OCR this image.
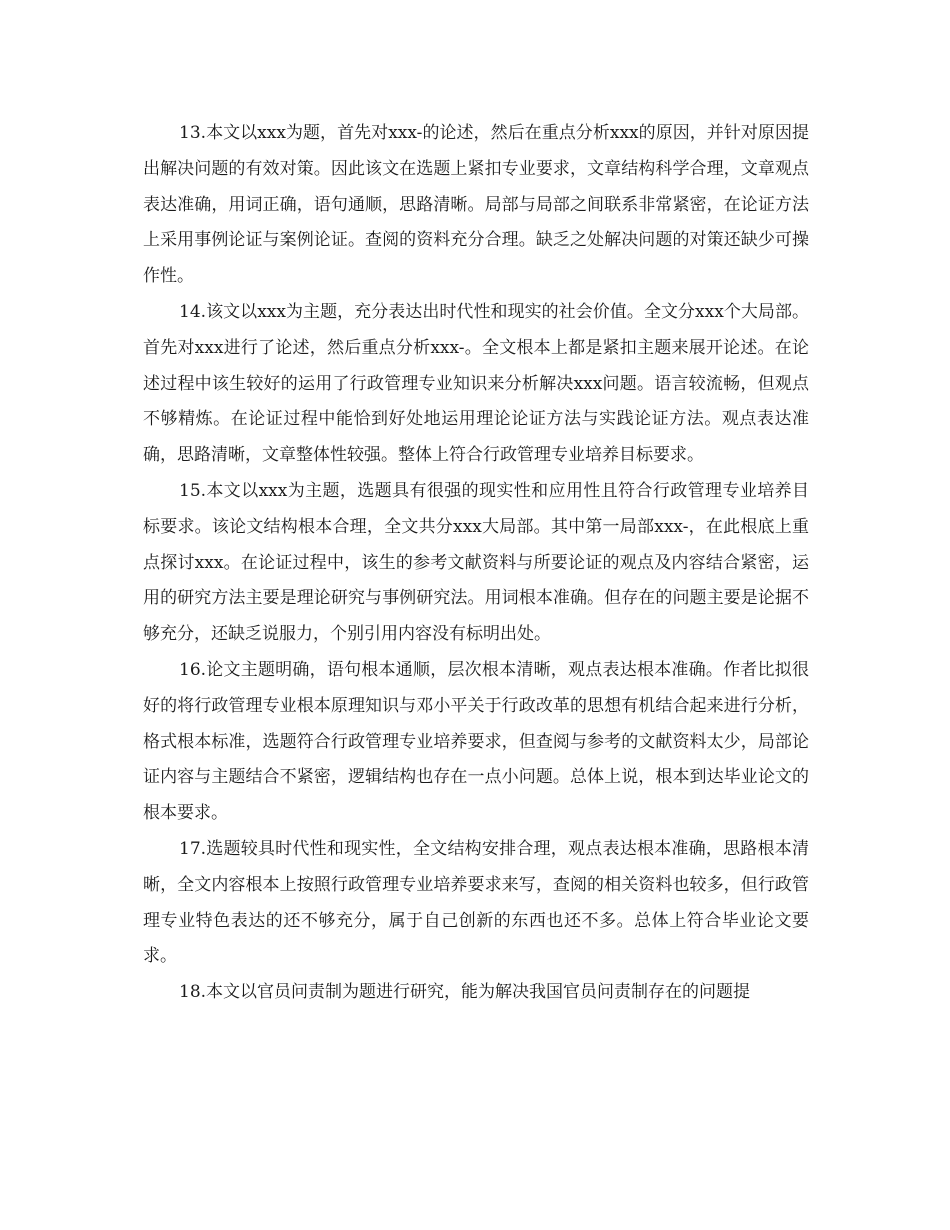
13.本文以xxx为题，首先对xxx-的论述，然后在重点分析xxx的原因，并针对原因提出解决问题的有效对策。因此该文在选题上紧扣专业要求，文章结构科学合理，文章观点表达准确，用词正确，语句通顺，思路清晰。局部与局部之间联系非常紧密，在论证方法上采用事例论证与案例论证。查阅的资料充分合理。缺乏之处解决问题的对策还缺少可操作性。

14.该文以xxx为主题，充分表达出时代性和现实的社会价值。全文分xxx个大局部。首先对xxx进行了论述，然后重点分析xxx-。全文根本上都是紧扣主题来展开论述。在论述过程中该生较好的运用了行政管理专业知识来分析解决xxx问题。语言较流畅，但观点不够精炼。在论证过程中能恰到好处地运用理论论证方法与实践论证方法。观点表达准确，思路清晰，文章整体性较强。整体上符合行政管理专业培养目标要求。

15.本文以xxx为主题，选题具有很强的现实性和应用性且符合行政管理专业培养目标要求。该论文结构根本合理，全文共分xxx大局部。其中第一局部xxx-，在此根底上重点探讨xxx。在论证过程中，该生的参考文献资料与所要论证的观点及内容结合紧密，运用的研究方法主要是理论研究与事例研究法。用词根本准确。但存在的问题主要是论据不够充分，还缺乏说服力，个别引用内容没有标明出处。

16.论文主题明确，语句根本通顺，层次根本清晰，观点表达根本准确。作者比拟很好的将行政管理专业根本原理知识与邓小平关于行政改革的思想有机结合起来进行分析，格式根本标准，选题符合行政管理专业培养要求，但查阅与参考的文献资料太少，局部论证内容与主题结合不紧密，逻辑结构也存在一点小问题。总体上说，根本到达毕业论文的根本要求。

17.选题较具时代性和现实性，全文结构安排合理，观点表达根本准确，思路根本清晰，全文内容根本上按照行政管理专业培养要求来写，查阅的相关资料也较多，但行政管理专业特色表达的还不够充分，属于自己创新的东西也还不多。总体上符合毕业论文要求。

18.本文以官员问责制为题进行研究，能为解决我国官员问责制存在的问题提
